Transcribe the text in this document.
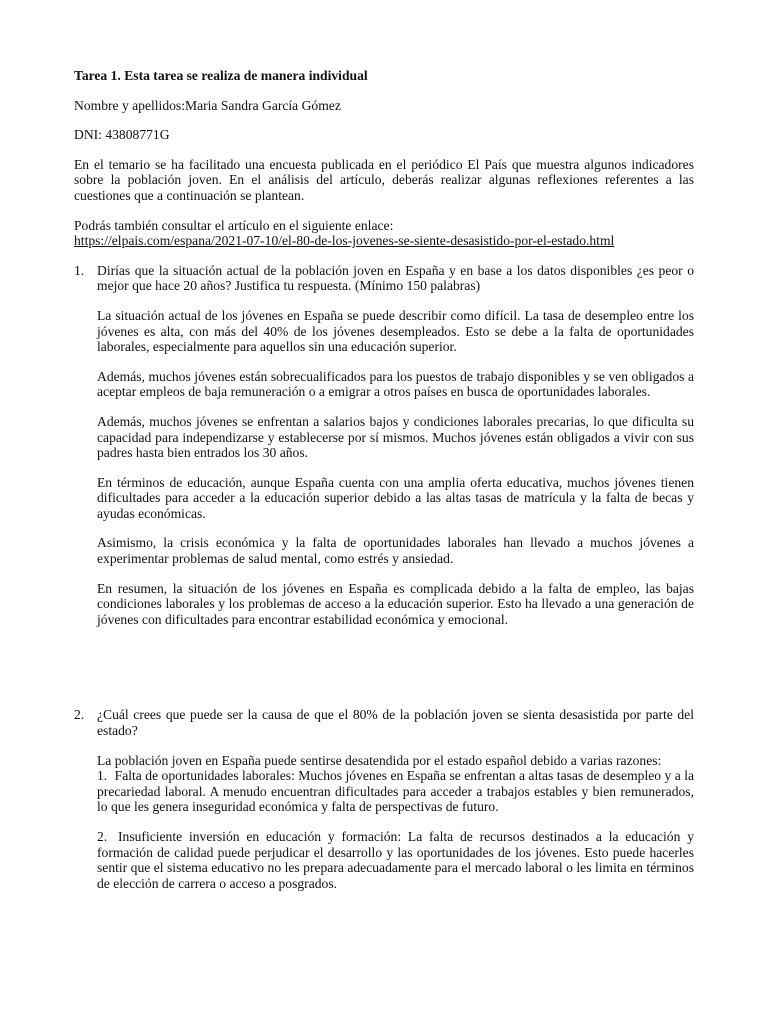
Tarea 1. Esta tarea se realiza de manera individual
Nombre y apellidos:Maria Sandra García Gómez
DNI: 43808771G
En el temario se ha facilitado una encuesta publicada en el periódico El País que muestra algunos indicadores sobre la población joven. En el análisis del artículo, deberás realizar algunas reflexiones referentes a las cuestiones que a continuación se plantean.
Podrás también consultar el artículo en el siguiente enlace:
https://elpais.com/espana/2021-07-10/el-80-de-los-jovenes-se-siente-desasistido-por-el-estado.html
1. Dirías que la situación actual de la población joven en España y en base a los datos disponibles ¿es peor o mejor que hace 20 años? Justifica tu respuesta. (Mínimo 150 palabras)

La situación actual de los jóvenes en España se puede describir como difícil. La tasa de desempleo entre los jóvenes es alta, con más del 40% de los jóvenes desempleados. Esto se debe a la falta de oportunidades laborales, especialmente para aquellos sin una educación superior.

Además, muchos jóvenes están sobrecualificados para los puestos de trabajo disponibles y se ven obligados a aceptar empleos de baja remuneración o a emigrar a otros países en busca de oportunidades laborales.

Además, muchos jóvenes se enfrentan a salarios bajos y condiciones laborales precarias, lo que dificulta su capacidad para independizarse y establecerse por sí mismos. Muchos jóvenes están obligados a vivir con sus padres hasta bien entrados los 30 años.

En términos de educación, aunque España cuenta con una amplia oferta educativa, muchos jóvenes tienen dificultades para acceder a la educación superior debido a las altas tasas de matrícula y la falta de becas y ayudas económicas.

Asimismo, la crisis económica y la falta de oportunidades laborales han llevado a muchos jóvenes a experimentar problemas de salud mental, como estrés y ansiedad.

En resumen, la situación de los jóvenes en España es complicada debido a la falta de empleo, las bajas condiciones laborales y los problemas de acceso a la educación superior. Esto ha llevado a una generación de jóvenes con dificultades para encontrar estabilidad económica y emocional.

2. ¿Cuál crees que puede ser la causa de que el 80% de la población joven se sienta desasistida por parte del estado?

La población joven en España puede sentirse desatendida por el estado español debido a varias razones:

1. Falta de oportunidades laborales: Muchos jóvenes en España se enfrentan a altas tasas de desempleo y a la precariedad laboral. A menudo encuentran dificultades para acceder a trabajos estables y bien remunerados, lo que les genera inseguridad económica y falta de perspectivas de futuro.
2. Insuficiente inversión en educación y formación: La falta de recursos destinados a la educación y formación de calidad puede perjudicar el desarrollo y las oportunidades de los jóvenes. Esto puede hacerles sentir que el sistema educativo no les prepara adecuadamente para el mercado laboral o les limita en términos de elección de carrera o acceso a posgrados.
